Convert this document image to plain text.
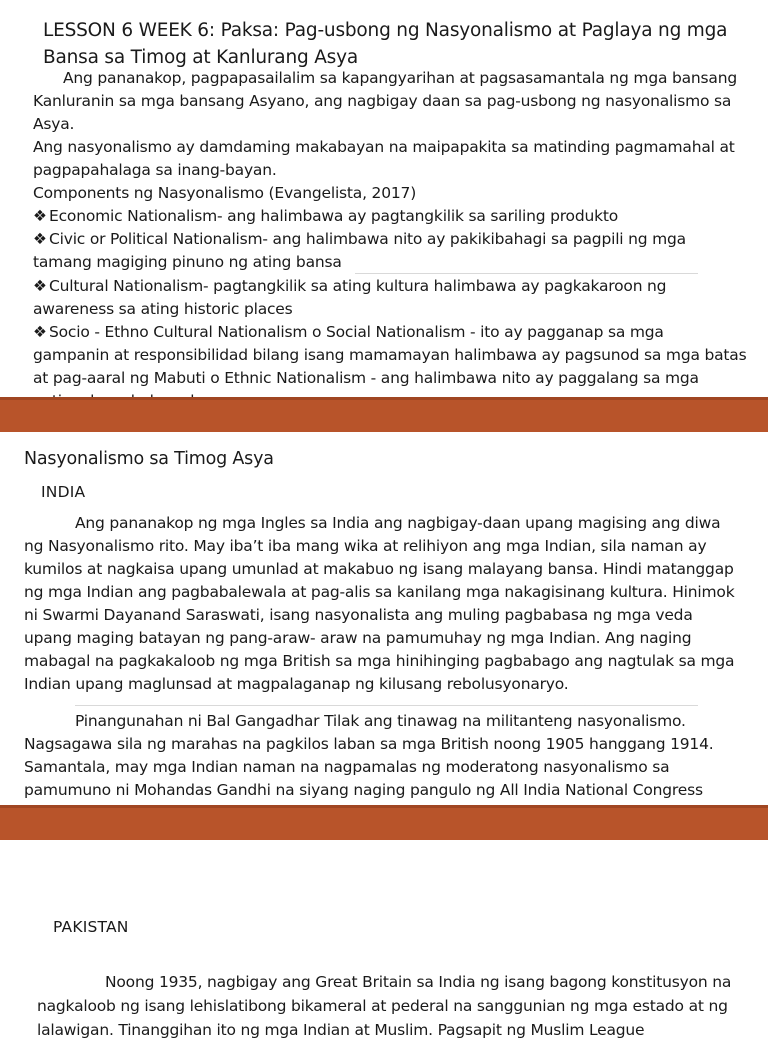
LESSON 6 WEEK 6: Paksa: Pag-usbong ng Nasyonalismo at Paglaya ng mga
Bansa sa Timog at Kanlurang Asya
Ang pananakop, pagpapasailalim sa kapangyarihan at pagsasamantala ng mga bansang
Kanluranin sa mga bansang Asyano, ang nagbigay daan sa pag-usbong ng nasyonalismo sa
Asya.
Ang nasyonalismo ay damdaming makabayan na maipapakita sa matinding pagmamahal at
pagpapahalaga sa inang-bayan.
Components ng Nasyonalismo (Evangelista, 2017)
❖ Economic Nationalism- ang halimbawa ay pagtangkilik sa sariling produkto
❖ Civic or Political Nationalism- ang halimbawa nito ay pakikibahagi sa pagpili ng mga
tamang magiging pinuno ng ating bansa
❖ Cultural Nationalism- pagtangkilik sa ating kultura halimbawa ay pagkakaroon ng
awareness sa ating historic places
❖ Socio - Ethno Cultural Nationalism o Social Nationalism - ito ay pagganap sa mga
gampanin at responsibilidad bilang isang mamamayan halimbawa ay pagsunod sa mga batas
at pag-aaral ng Mabuti o Ethnic Nationalism - ang halimbawa nito ay paggalang sa mga
Nasyonalismo sa Timog Asya
INDIA
Ang pananakop ng mga Ingles sa India ang nagbigay-daan upang magising ang diwa
ng Nasyonalismo rito. May iba’t iba mang wika at relihiyon ang mga Indian, sila naman ay
kumilos at nagkaisa upang umunlad at makabuo ng isang malayang bansa. Hindi matanggap
ng mga Indian ang pagbabalewala at pag-alis sa kanilang mga nakagisinang kultura. Hinimok
ni Swarmi Dayanand Saraswati, isang nasyonalista ang muling pagbabasa ng mga veda
upang maging batayan ng pang-araw- araw na pamumuhay ng mga Indian. Ang naging
mabagal na pagkakaloob ng mga British sa mga hinihinging pagbabago ang nagtulak sa mga
Indian upang maglunsad at magpalaganap ng kilusang rebolusyonaryo.
Pinangunahan ni Bal Gangadhar Tilak ang tinawag na militanteng nasyonalismo.
Nagsagawa sila ng marahas na pagkilos laban sa mga British noong 1905 hanggang 1914.
Samantala, may mga Indian naman na nagpamalas ng moderatong nasyonalismo sa
pamumuno ni Mohandas Gandhi na siyang naging pangulo ng All India National Congress
PAKISTAN
Noong 1935, nagbigay ang Great Britain sa India ng isang bagong konstitusyon na
nagkaloob ng isang lehislatibong bikameral at pederal na sanggunian ng mga estado at ng
lalawigan. Tinanggihan ito ng mga Indian at Muslim. Pagsapit ng Muslim League
